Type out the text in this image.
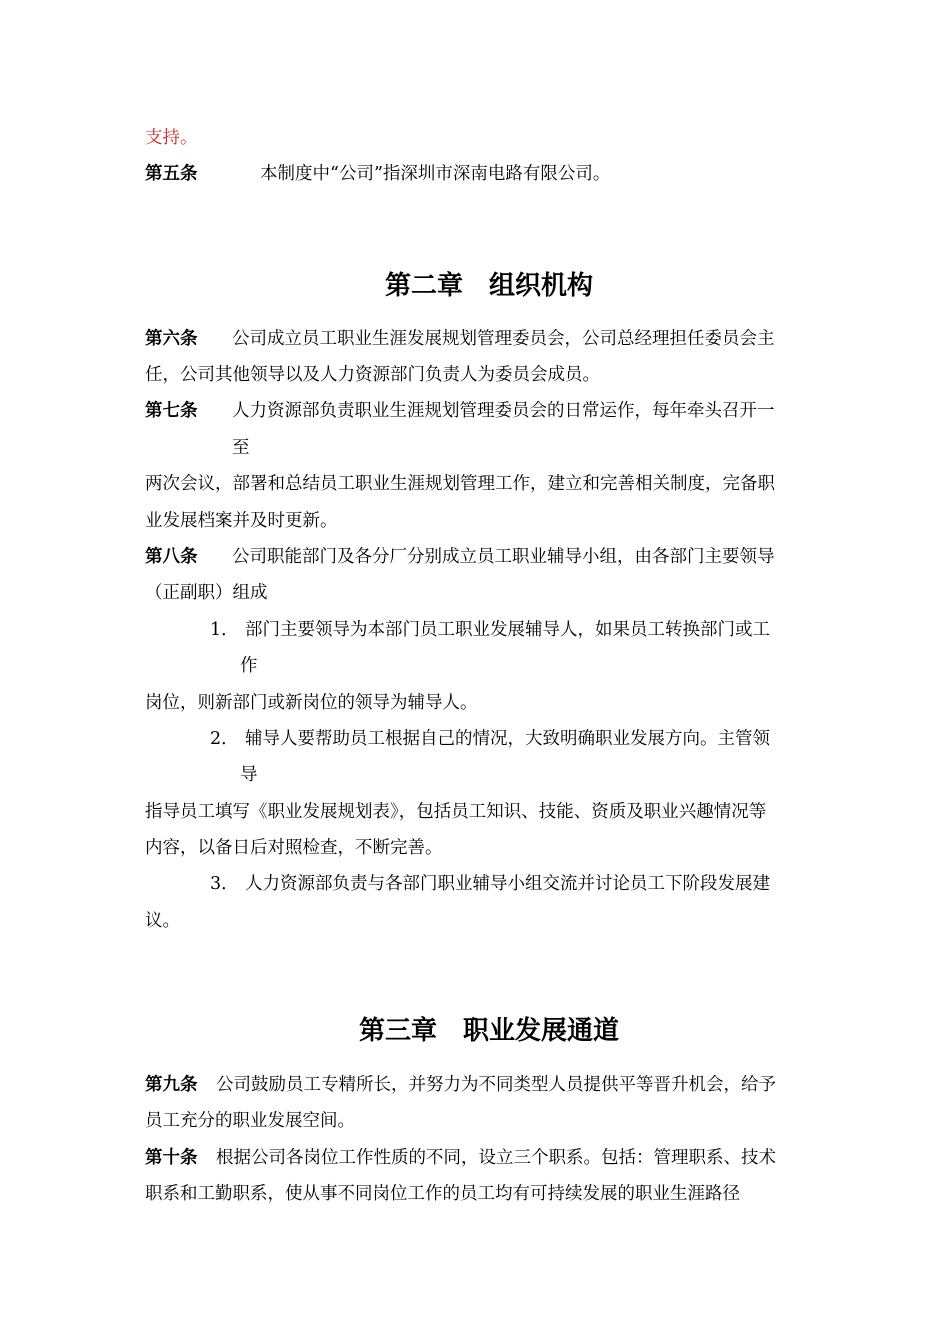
支持。
第五条	本制度中“公司”指深圳市深南电路有限公司。
第二章　组织机构
第六条 公司成立员工职业生涯发展规划管理委员会，公司总经理担任委员会主
任，公司其他领导以及人力资源部门负责人为委员会成员。
第七条 人力资源部负责职业生涯规划管理委员会的日常运作，每年牵头召开一
至
两次会议，部署和总结员工职业生涯规划管理工作，建立和完善相关制度，完备职
业发展档案并及时更新。
第八条 公司职能部门及各分厂分别成立员工职业辅导小组，由各部门主要领导
（正副职）组成
1． 部门主要领导为本部门员工职业发展辅导人，如果员工转换部门或工
作
岗位，则新部门或新岗位的领导为辅导人。
2． 辅导人要帮助员工根据自己的情况，大致明确职业发展方向。主管领
导
指导员工填写《职业发展规划表》，包括员工知识、技能、资质及职业兴趣情况等
内容，以备日后对照检查，不断完善。
3． 人力资源部负责与各部门职业辅导小组交流并讨论员工下阶段发展建
议。
第三章　职业发展通道
第九条 公司鼓励员工专精所长，并努力为不同类型人员提供平等晋升机会，给予
员工充分的职业发展空间。
第十条 根据公司各岗位工作性质的不同，设立三个职系。包括：管理职系、技术
职系和工勤职系，使从事不同岗位工作的员工均有可持续发展的职业生涯路径
